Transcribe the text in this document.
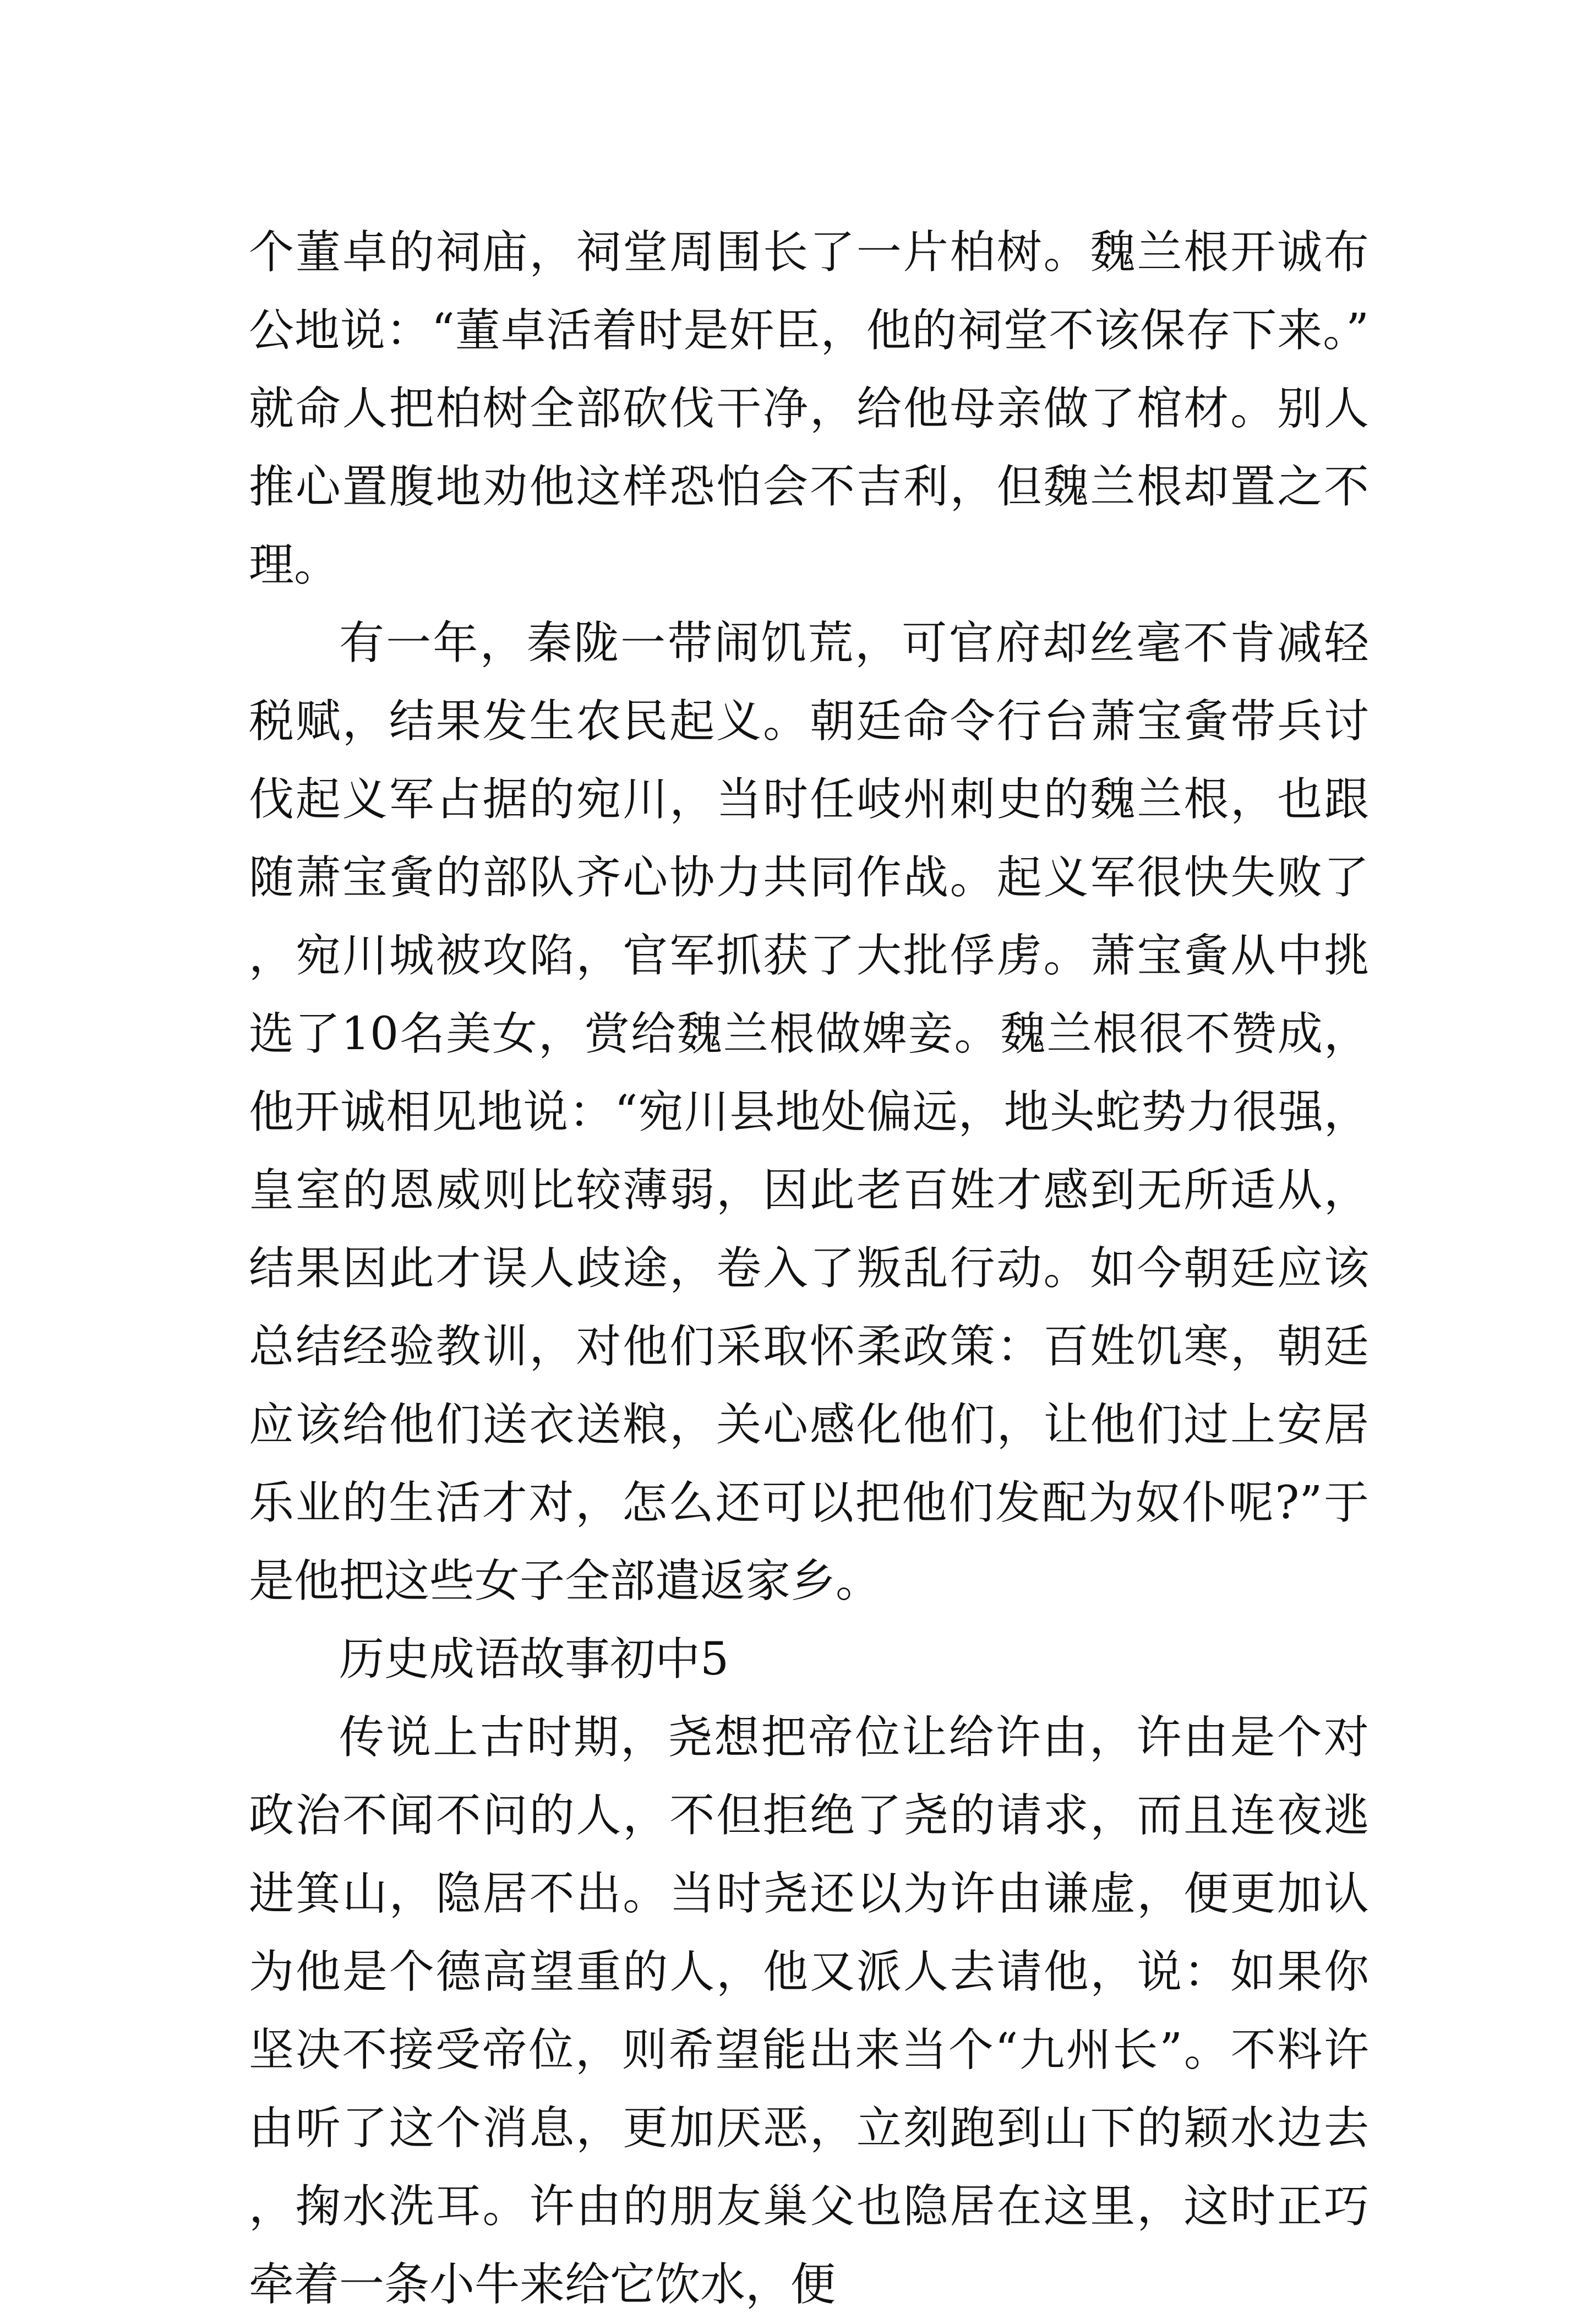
个董卓的祠庙，祠堂周围长了一片柏树。魏兰根开诚布公地说：“董卓活着时是奸臣，他的祠堂不该保存下来。”就命人把柏树全部砍伐干净，给他母亲做了棺材。别人推心置腹地劝他这样恐怕会不吉利，但魏兰根却置之不理。

有一年，秦陇一带闹饥荒，可官府却丝毫不肯减轻税赋，结果发生农民起义。朝廷命令行台萧宝夤带兵讨伐起义军占据的宛川，当时任岐州刺史的魏兰根，也跟随萧宝夤的部队齐心协力共同作战。起义军很快失败了，宛川城被攻陷，官军抓获了大批俘虏。萧宝夤从中挑选了10名美女，赏给魏兰根做婢妾。魏兰根很不赞成，他开诚相见地说：“宛川县地处偏远，地头蛇势力很强，皇室的恩威则比较薄弱，因此老百姓才感到无所适从，结果因此才误人歧途，卷入了叛乱行动。如今朝廷应该总结经验教训，对他们采取怀柔政策：百姓饥寒，朝廷应该给他们送衣送粮，关心感化他们，让他们过上安居乐业的生活才对，怎么还可以把他们发配为奴仆呢?”于是他把这些女子全部遣返家乡。

历史成语故事初中5

传说上古时期，尧想把帝位让给许由，许由是个对政治不闻不问的人，不但拒绝了尧的请求，而且连夜逃进箕山，隐居不出。当时尧还以为许由谦虚，便更加认为他是个德高望重的人，他又派人去请他，说：如果你坚决不接受帝位，则希望能出来当个“九州长”。不料许由听了这个消息，更加厌恶，立刻跑到山下的颖水边去，掬水洗耳。许由的朋友巢父也隐居在这里，这时正巧牵着一条小牛来给它饮水，便
